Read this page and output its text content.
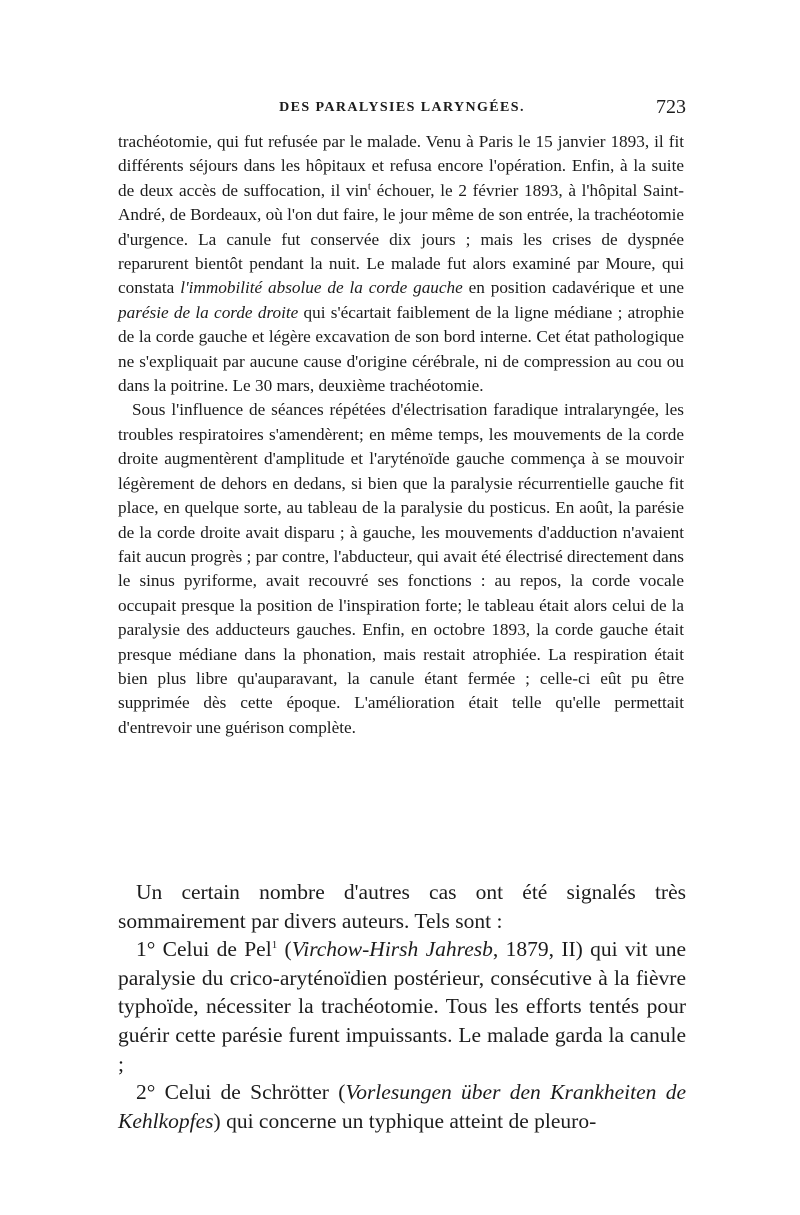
DES PARALYSIES LARYNGÉES.	723

trachéotomie, qui fut refusée par le malade. Venu à Paris le 15 janvier 1893, il fit différents séjours dans les hôpitaux et refusa encore l'opération. Enfin, à la suite de deux accès de suffocation, il vin$^t$ échouer, le 2 février 1893, à l'hôpital Saint-André, de Bordeaux, où l'on dut faire, le jour même de son entrée, la trachéotomie d'urgence. La canule fut conservée dix jours ; mais les crises de dyspnée reparurent bientôt pendant la nuit. Le malade fut alors examiné par Moure, qui constata l'immobilité absolue de la corde gauche en position cadavérique et une parésie de la corde droite qui s'écartait faiblement de la ligne médiane ; atrophie de la corde gauche et légère excavation de son bord interne. Cet état pathologique ne s'expliquait par aucune cause d'origine cérébrale, ni de compression au cou ou dans la poitrine. Le 30 mars, deuxième trachéotomie.

Sous l'influence de séances répétées d'électrisation faradique intralaryngée, les troubles respiratoires s'amendèrent; en même temps, les mouvements de la corde droite augmentèrent d'amplitude et l'aryténoïde gauche commença à se mouvoir légèrement de dehors en dedans, si bien que la paralysie récurrentielle gauche fit place, en quelque sorte, au tableau de la paralysie du posticus. En août, la parésie de la corde droite avait disparu ; à gauche, les mouvements d'adduction n'avaient fait aucun progrès ; par contre, l'abducteur, qui avait été électrisé directement dans le sinus pyriforme, avait recouvré ses fonctions : au repos, la corde vocale occupait presque la position de l'inspiration forte; le tableau était alors celui de la paralysie des adducteurs gauches. Enfin, en octobre 1893, la corde gauche était presque médiane dans la phonation, mais restait atrophiée. La respiration était bien plus libre qu'auparavant, la canule étant fermée ; celle-ci eût pu être supprimée dès cette époque. L'amélioration était telle qu'elle permettait d'entrevoir une guérison complète.

Un certain nombre d'autres cas ont été signalés très sommairement par divers auteurs. Tels sont :

1° Celui de Pel$^1$ (Virchow-Hirsh Jahresb, 1879, II) qui vit une paralysie du crico-aryténoïdien postérieur, consécutive à la fièvre typhoïde, nécessiter la trachéotomie. Tous les efforts tentés pour guérir cette parésie furent impuissants. Le malade garda la canule ;

2° Celui de Schrötter (Vorlesungen über den Krankheiten de Kehlkopfes) qui concerne un typhique atteint de pleuro-
